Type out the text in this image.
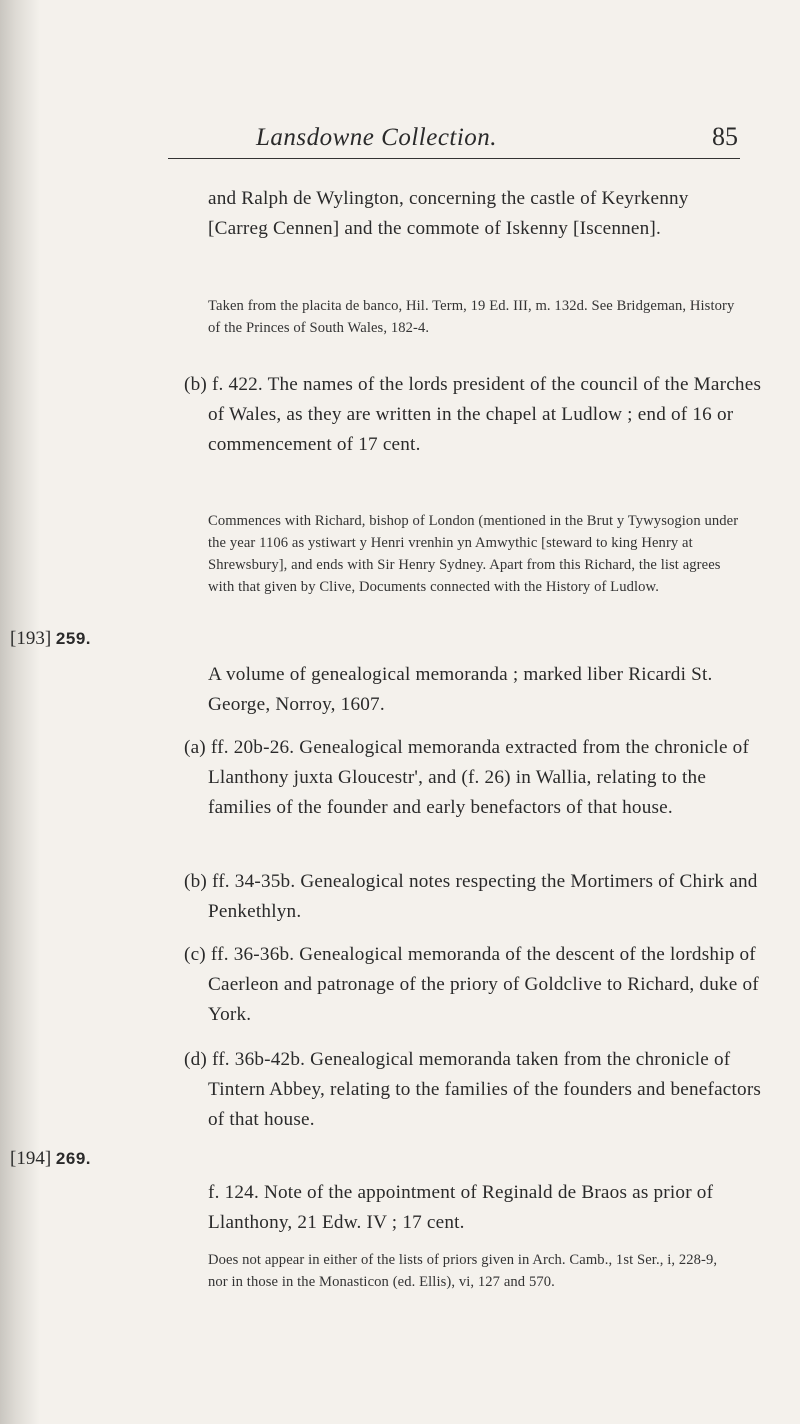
Lansdowne Collection.	85

and Ralph de Wylington, concerning the castle of Keyrkenny [Carreg Cennen] and the commote of Iskenny [Iscennen].

Taken from the placita de banco, Hil. Term, 19 Ed. III, m. 132d. See Bridgeman, History of the Princes of South Wales, 182-4.

(b) f. 422. The names of the lords president of the council of the Marches of Wales, as they are written in the chapel at Ludlow ; end of 16 or commencement of 17 cent.

Commences with Richard, bishop of London (mentioned in the Brut y Tywysogion under the year 1106 as ystiwart y Henri vrenhin yn Amwythic [steward to king Henry at Shrewsbury], and ends with Sir Henry Sydney. Apart from this Richard, the list agrees with that given by Clive, Documents connected with the History of Ludlow.

[193] 259.

A volume of genealogical memoranda ; marked liber Ricardi St. George, Norroy, 1607.

(a) ff. 20b-26. Genealogical memoranda extracted from the chronicle of Llanthony juxta Gloucestr', and (f. 26) in Wallia, relating to the families of the founder and early benefactors of that house.

(b) ff. 34-35b. Genealogical notes respecting the Mortimers of Chirk and Penkethlyn.

(c) ff. 36-36b. Genealogical memoranda of the descent of the lordship of Caerleon and patronage of the priory of Goldclive to Richard, duke of York.

(d) ff. 36b-42b. Genealogical memoranda taken from the chronicle of Tintern Abbey, relating to the families of the founders and benefactors of that house.

[194] 269.

f. 124. Note of the appointment of Reginald de Braos as prior of Llanthony, 21 Edw. IV ; 17 cent.

Does not appear in either of the lists of priors given in Arch. Camb., 1st Ser., i, 228-9, nor in those in the Monasticon (ed. Ellis), vi, 127 and 570.
